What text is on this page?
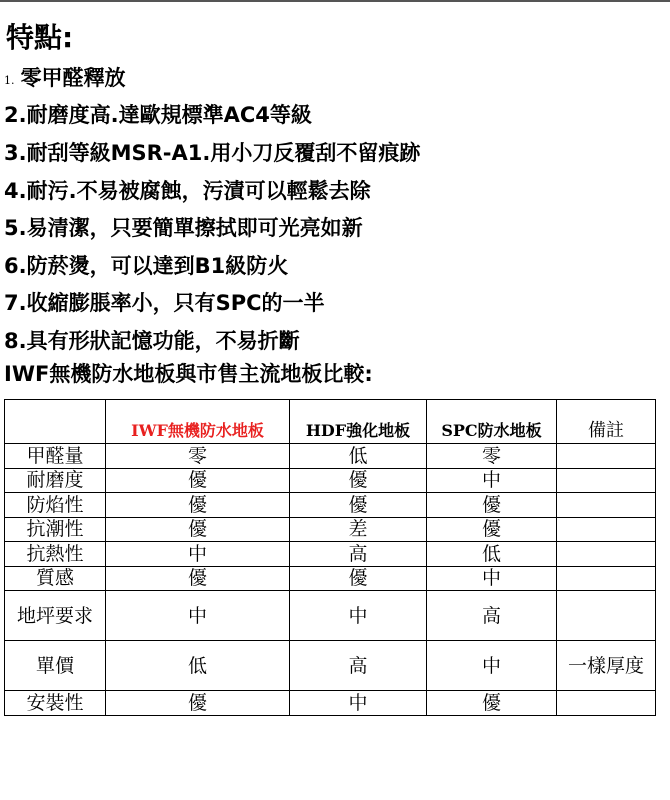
特點:
1. 零甲醛釋放
2.耐磨度高.達歐規標準AC4等級
3.耐刮等級MSR-A1.用小刀反覆刮不留痕跡
4.耐污.不易被腐蝕，污漬可以輕鬆去除
5.易清潔，只要簡單擦拭即可光亮如新
6.防菸燙，可以達到B1級防火
7.收縮膨脹率小，只有SPC的一半
8.具有形狀記憶功能，不易折斷
IWF無機防水地板與市售主流地板比較:
	IWF無機防水地板	HDF強化地板	SPC防水地板	備註
甲醛量	零	低	零	
耐磨度	優	優	中	
防焰性	優	優	優	
抗潮性	優	差	優	
抗熱性	中	高	低	
質感	優	優	中	
地坪要求	中	中	高	
單價	低	高	中	一樣厚度
安裝性	優	中	優	
